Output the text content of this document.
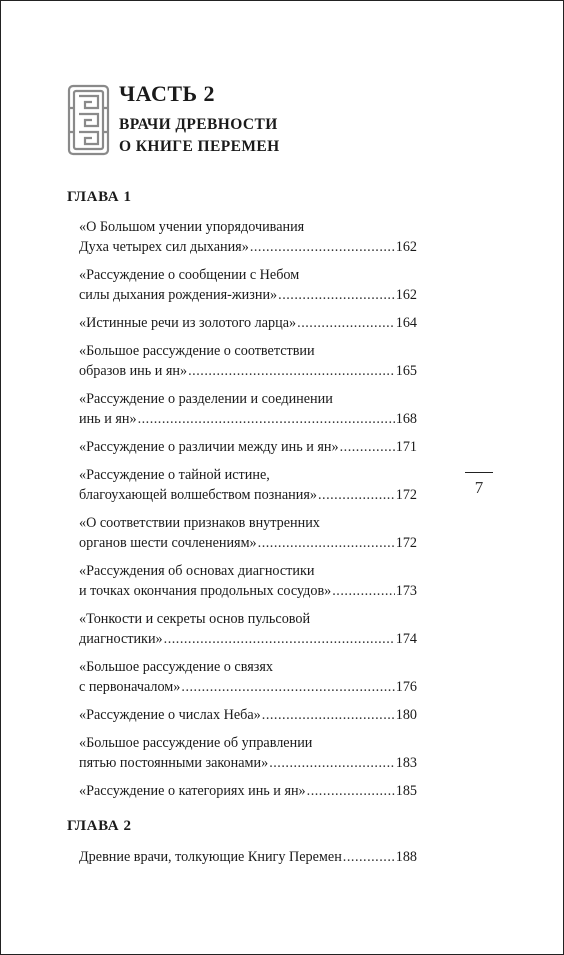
ЧАСТЬ 2
ВРАЧИ ДРЕВНОСТИ
О КНИГЕ ПЕРЕМЕН
ГЛАВА 1
«О Большом учении упорядочивания
Духа четырех сил дыхания» .....	162
«Рассуждение о сообщении с Небом
силы дыхания рождения-жизни» .....	162
«Истинные речи из золотого ларца» .....	164
«Большое рассуждение о соответствии
образов инь и ян» .....	165
«Рассуждение о разделении и соединении
инь и ян» .....	168
«Рассуждение о различии между инь и ян» .....	171
«Рассуждение о тайной истине,
благоухающей волшебством познания» .....	172
«О соответствии признаков внутренних
органов шести сочленениям» .....	172
«Рассуждения об основах диагностики
и точках окончания продольных сосудов» .....	173
«Тонкости и секреты основ пульсовой
диагностики» .....	174
«Большое рассуждение о связях
с первоначалом» .....	176
«Рассуждение о числах Неба» .....	180
«Большое рассуждение об управлении
пятью постоянными законами» .....	183
«Рассуждение о категориях инь и ян» .....	185
ГЛАВА 2
Древние врачи, толкующие Книгу Перемен .....	188
7
